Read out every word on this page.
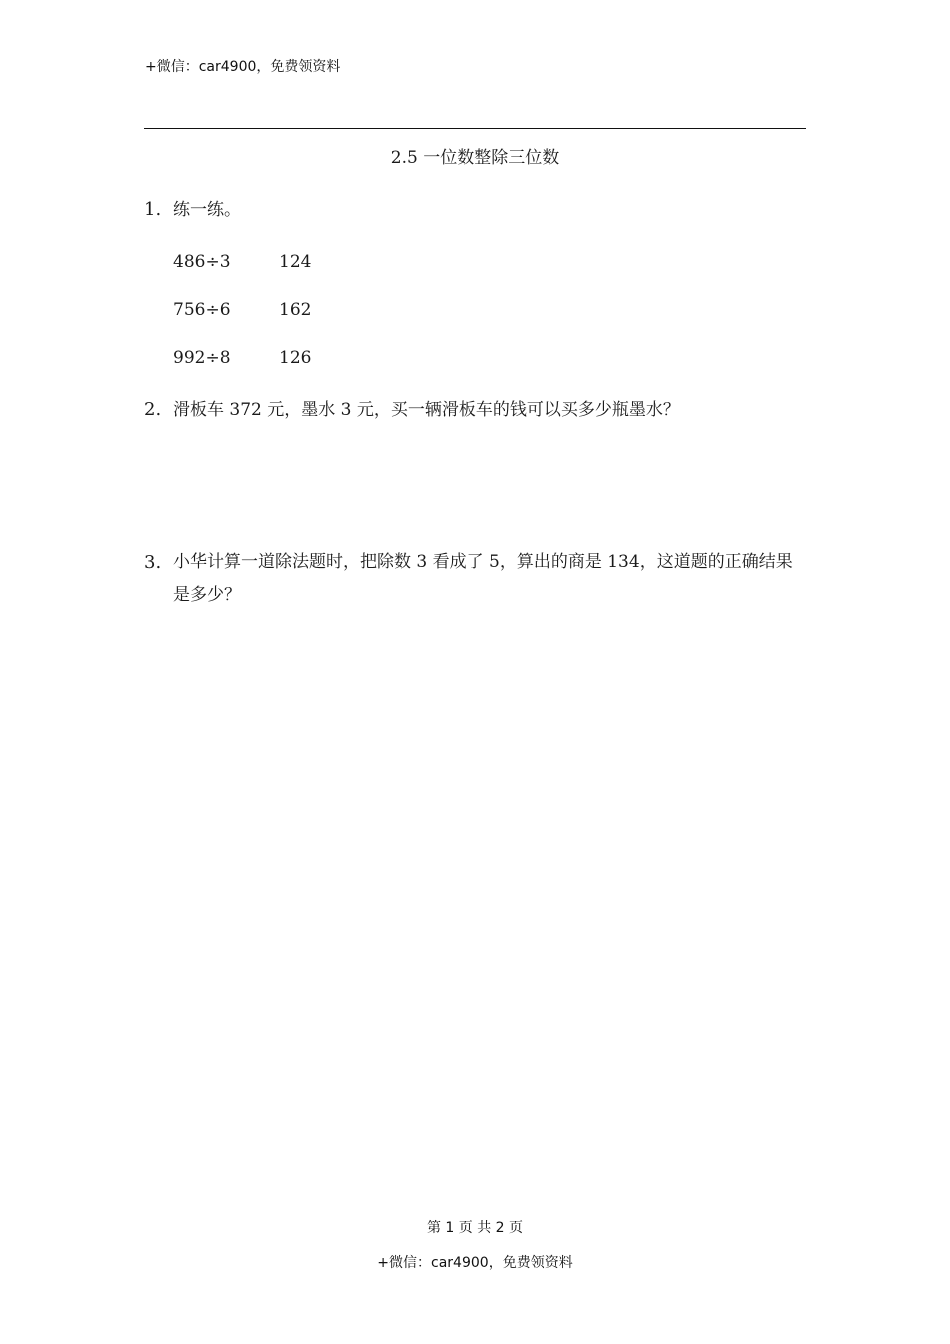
+微信：car4900，免费领资料
2.5 一位数整除三位数
1. 练一练。
486÷3	124
756÷6	162
992÷8	126
2. 滑板车 372 元，墨水 3 元，买一辆滑板车的钱可以买多少瓶墨水？
3. 小华计算一道除法题时，把除数 3 看成了 5，算出的商是 134，这道题的正确结果是多少？
第 1 页 共 2 页
+微信：car4900，免费领资料
